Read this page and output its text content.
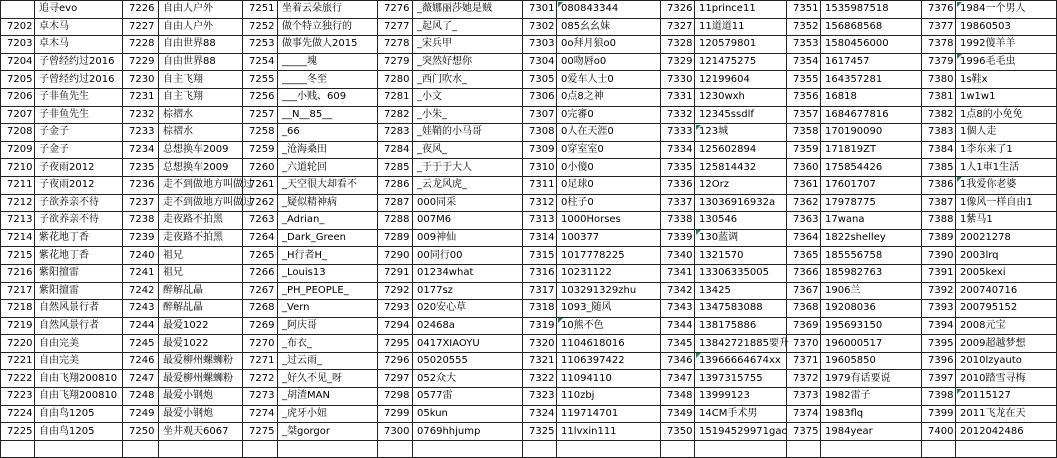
	追寻evo	7226	自由人户外	7251	坐着云朵旅行	7276	_薇娜丽莎她是贼	7301	080843344	7326	11prince11	7351	1535987518	7376	1984一个男人
7202	卓木马	7227	自由人户外	7252	做个特立独行的	7277	_起风了_	7302	085幺幺妹	7327	11道道11	7352	156868568	7377	19860503
7203	卓木马	7228	自由世界88	7253	做事先做人2015	7278	_宋兵甲	7303	0o拜月狼o0	7328	120579801	7353	1580456000	7378	1992傻羊羊
7204	子曾经约过2016	7229	自由世界88	7254	_____塊	7279	_突然好想你	7304	00吻唇o0	7329	121475275	7354	1617457	7379	1996毛毛虫
7205	子曾经约过2016	7230	自主飞翔	7255	_____冬至	7280	_西门吹水_	7305	0爱车人士0	7330	12199604	7355	164357281	7380	1s鞋x
7206	子非鱼先生	7231	自主飞翔	7256	___小贱、609	7281	_小文	7306	0点8之神	7331	1230wxh	7356	16818	7381	1w1w1
7207	子非鱼先生	7232	棕褶水	7257	__N__85__	7282	_小朱_	7307	0完審0	7332	12345ssdlf	7357	1684677816	7382	1点8的小免免
7208	子金子	7233	棕褶水	7258	_66	7283	_娃鞘的小马哥	7308	0人在天涯0	7333	123城	7358	170190090	7383	1個人走
7209	子金子	7234	总想换车2009	7259	_沧海桑田	7284	_夜风_	7309	0穿室室0	7334	125602894	7359	171819ZT	7384	1李东来了1
7210	子夜雨2012	7235	总想换车2009	7260	_六道轮回	7285	_于于于大人	7310	0小傻0	7335	125814432	7360	175854426	7385	1人1車1生活
7211	子夜雨2012	7236	走不到做地方叫做过	7261	_天空很大却看不	7286	_云龙风虎_	7311	0足球0	7336	12Orz	7361	17601707	7386	1我爱你老婆
7212	子欲养亲不待	7237	走不到做地方叫做过	7262	_疑似精神病	7287	000同采	7312	0柱子0	7337	13036916932a	7362	17978775	7387	1像风一样自由1
7213	子欲养亲不待	7238	走夜路不拍黑	7263	_Adrian_	7288	007M6	7313	1000Horses	7338	130546	7363	17wana	7388	1紫马1
7214	紫花地丁香	7239	走夜路不拍黑	7264	_Dark_Green	7289	009神仙	7314	100377	7339	130蓝调	7364	1822shelley	7389	20021278
7215	紫花地丁香	7240	祖兄	7265	_H行者H_	7290	00同行00	7315	1017778225	7340	1321570	7365	185556758	7390	2003lrq
7216	紫阳擅雷	7241	祖兄	7266	_Louis13	7291	01234what	7316	10231122	7341	13306335005	7366	185982763	7391	2005kexi
7217	紫阳擅雷	7242	醉解乩瞐	7267	_PH_PEOPLE_	7292	0177sz	7317	103291329zhu	7342	13425	7367	1906兰	7392	200740716
7218	自然风景行者	7243	醉解乩瞐	7268	_Vern	7293	020安心草	7318	1093_随风	7343	1347583088	7368	19208036	7393	200795152
7219	自然风景行者	7244	最爱1022	7269	_阿庆哥	7294	02468a	7319	10熊不色	7344	138175886	7369	195693150	7394	2008元宝
7220	自由完美	7245	最爱1022	7270	_布衣_	7295	0417XIAOYU	7320	1104618016	7345	13842721885要升	7370	196000517	7395	2009超越梦想
7221	自由完美	7246	最爱柳州螺蛳粉	7271	_过云雨_	7296	05020555	7321	1106397422	7346	13966664674xx	7371	19605850	7396	2010lzyauto
7222	自由飞翔200810	7247	最爱柳州螺蛳粉	7272	_好久不见_呀	7297	052众大	7322	11094110	7347	1397315755	7372	1979有话要说	7397	2010踏雪寻梅
7223	自由飞翔200810	7248	最爱小钢炮	7273	_胡渣MAN	7298	0577雷	7323	110zbj	7348	13999123	7373	1982雷子	7398	20115127
7224	自由鸟1205	7249	最爱小钢炮	7274	_虎牙小妞	7299	05kun	7324	119714701	7349	14CM手术男	7374	1983flq	7399	2011飞龙在天
7225	自由鸟1205	7250	坐井观天6067	7275	_桀gorgor	7300	0769hhjump	7325	11lvxin111	7350	15194529971gao	7375	1984year	7400	2012042486
